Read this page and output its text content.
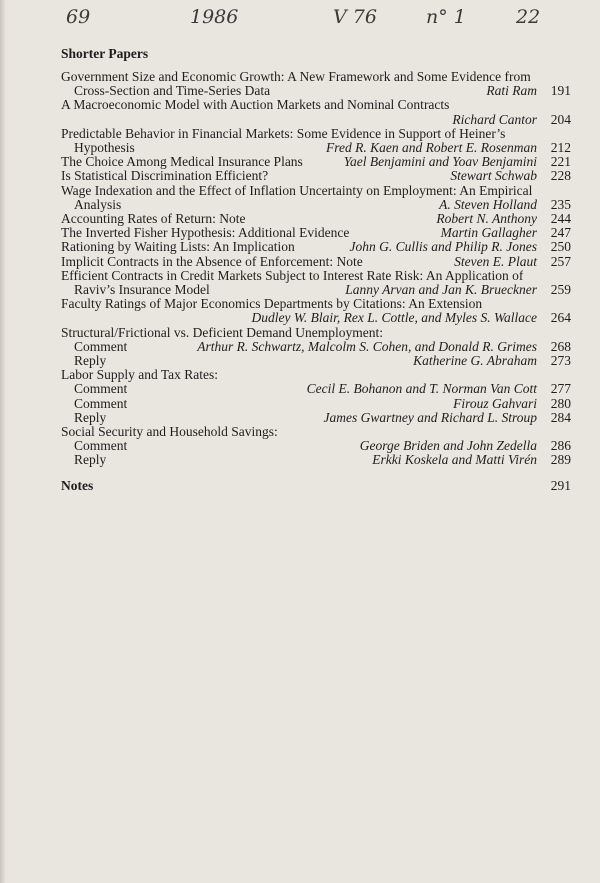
69	1986	V 76	n° 1	22
Shorter Papers
Government Size and Economic Growth: A New Framework and Some Evidence from
Cross-Section and Time-Series Data	Rati Ram	191
A Macroeconomic Model with Auction Markets and Nominal Contracts
Richard Cantor	204
Predictable Behavior in Financial Markets: Some Evidence in Support of Heiner’s
Hypothesis	Fred R. Kaen and Robert E. Rosenman	212
The Choice Among Medical Insurance Plans	Yael Benjamini and Yoav Benjamini	221
Is Statistical Discrimination Efficient?	Stewart Schwab	228
Wage Indexation and the Effect of Inflation Uncertainty on Employment: An Empirical
Analysis	A. Steven Holland	235
Accounting Rates of Return: Note	Robert N. Anthony	244
The Inverted Fisher Hypothesis: Additional Evidence	Martin Gallagher	247
Rationing by Waiting Lists: An Implication	John G. Cullis and Philip R. Jones	250
Implicit Contracts in the Absence of Enforcement: Note	Steven E. Plaut	257
Efficient Contracts in Credit Markets Subject to Interest Rate Risk: An Application of
Raviv’s Insurance Model	Lanny Arvan and Jan K. Brueckner	259
Faculty Ratings of Major Economics Departments by Citations: An Extension
Dudley W. Blair, Rex L. Cottle, and Myles S. Wallace	264
Structural/Frictional vs. Deficient Demand Unemployment:
Comment	Arthur R. Schwartz, Malcolm S. Cohen, and Donald R. Grimes	268
Reply	Katherine G. Abraham	273
Labor Supply and Tax Rates:
Comment	Cecil E. Bohanon and T. Norman Van Cott	277
Comment	Firouz Gahvari	280
Reply	James Gwartney and Richard L. Stroup	284
Social Security and Household Savings:
Comment	George Briden and John Zedella	286
Reply	Erkki Koskela and Matti Virén	289
Notes	291
